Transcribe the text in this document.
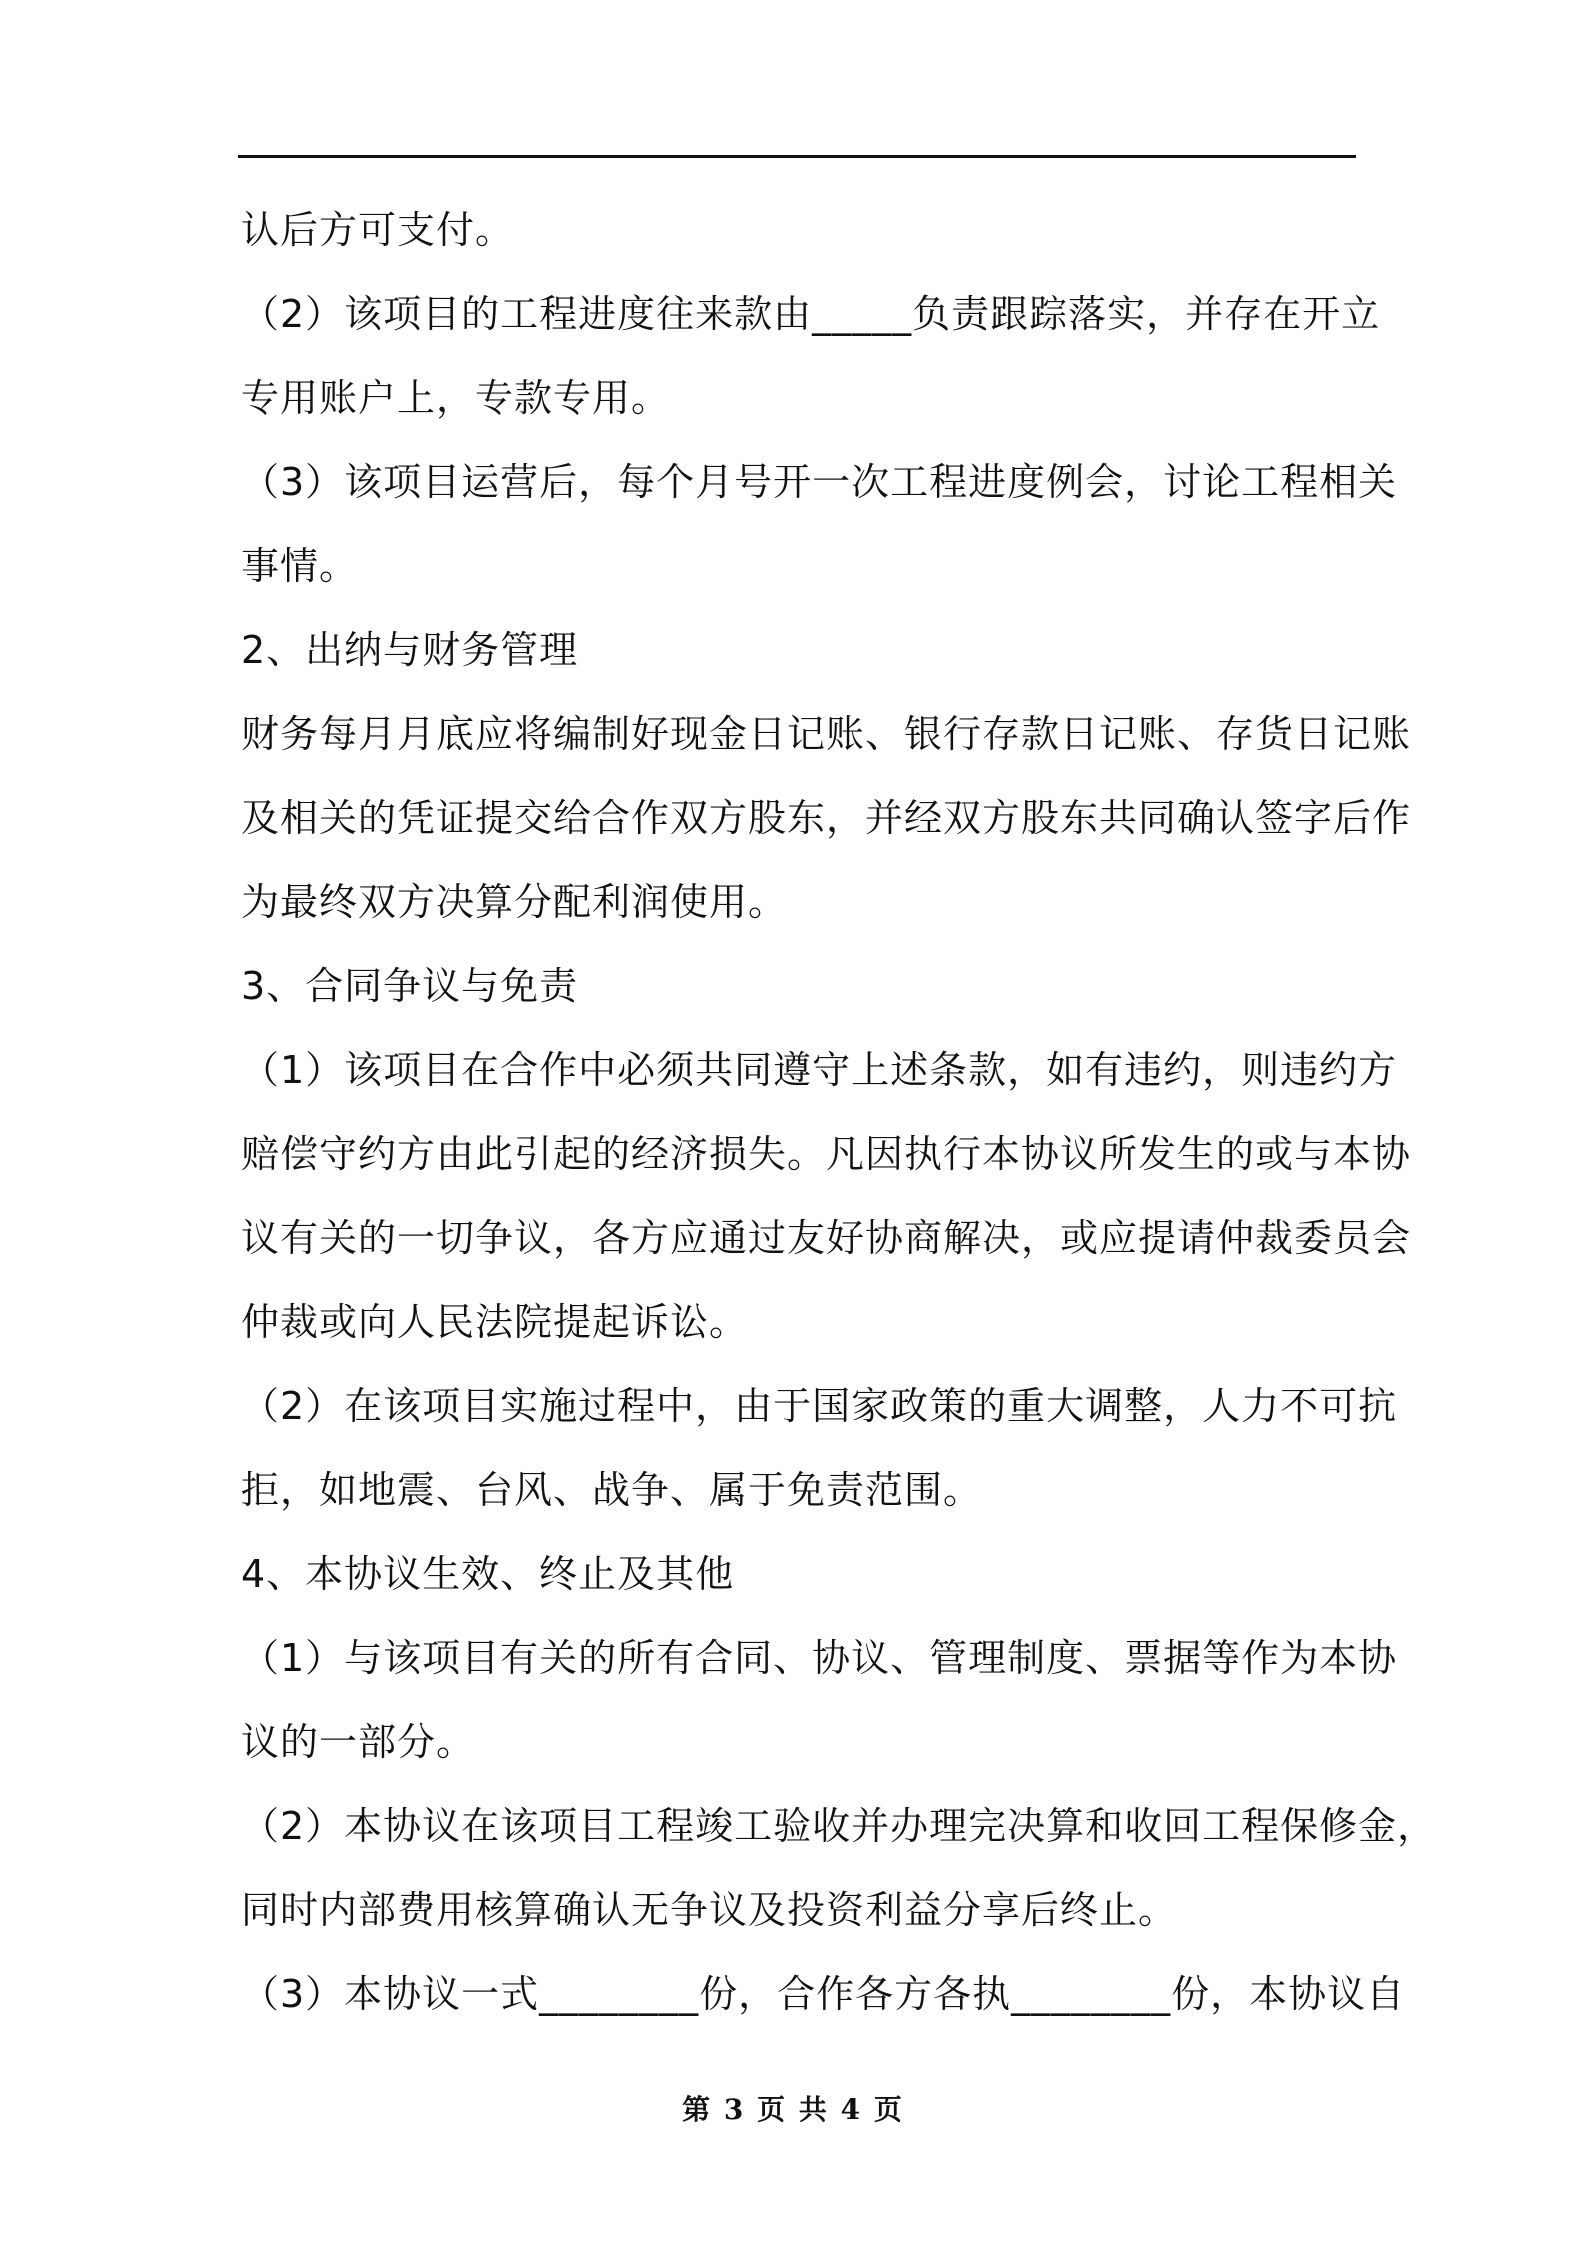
认后方可支付。
（2）该项目的工程进度往来款由_____负责跟踪落实，并存在开立
专用账户上，专款专用。
（3）该项目运营后，每个月号开一次工程进度例会，讨论工程相关
事情。
2、出纳与财务管理
财务每月月底应将编制好现金日记账、银行存款日记账、存货日记账
及相关的凭证提交给合作双方股东，并经双方股东共同确认签字后作
为最终双方决算分配利润使用。
3、合同争议与免责
（1）该项目在合作中必须共同遵守上述条款，如有违约，则违约方
赔偿守约方由此引起的经济损失。凡因执行本协议所发生的或与本协
议有关的一切争议，各方应通过友好协商解决，或应提请仲裁委员会
仲裁或向人民法院提起诉讼。
（2）在该项目实施过程中，由于国家政策的重大调整，人力不可抗
拒，如地震、台风、战争、属于免责范围。
4、本协议生效、终止及其他
（1）与该项目有关的所有合同、协议、管理制度、票据等作为本协
议的一部分。
（2）本协议在该项目工程竣工验收并办理完决算和收回工程保修金，
同时内部费用核算确认无争议及投资利益分享后终止。
（3）本协议一式________份，合作各方各执________份，本协议自
第 3 页 共 4 页
